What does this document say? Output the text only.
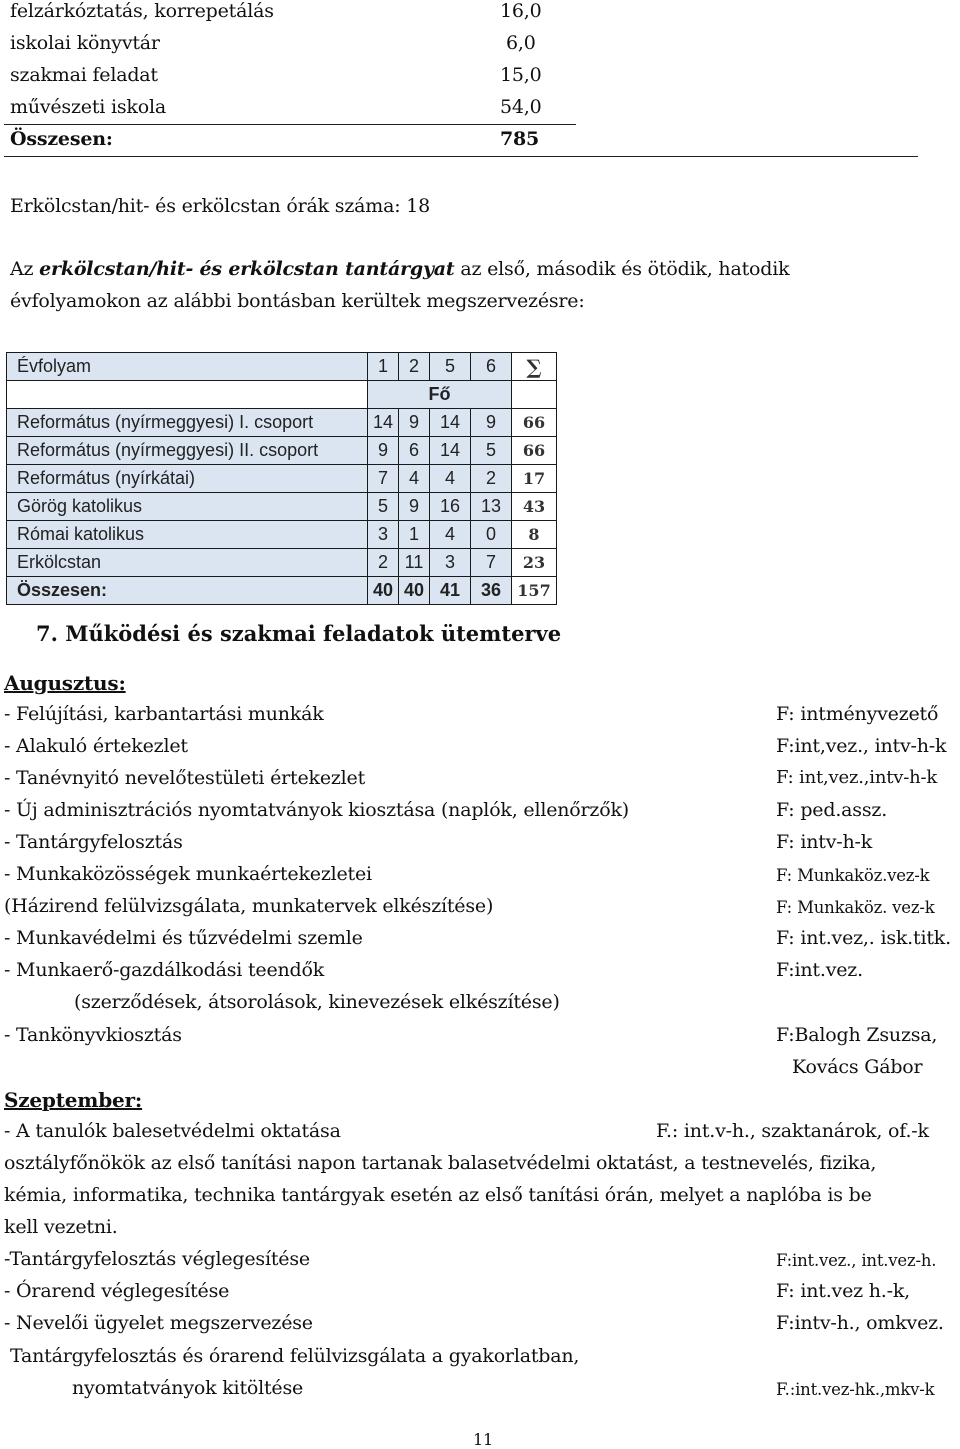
felzárkóztatás, korrepetálás	16,0
iskolai könyvtár	6,0
szakmai feladat	15,0
művészeti iskola	54,0
Összesen:	785
Erkölcstan/hit- és erkölcstan órák száma: 18
Az erkölcstan/hit- és erkölcstan tantárgyat az első, második és ötödik, hatodik
évfolyamokon az alábbi bontásban kerültek megszervezésre:
Évfolyam	1	2	5	6	∑
	Fő				
Református (nyírmeggyesi) I. csoport	14	9	14	9	66
Református (nyírmeggyesi) II. csoport	9	6	14	5	66
Református (nyírkátai)	7	4	4	2	17
Görög katolikus	5	9	16	13	43
Római katolikus	3	1	4	0	8
Erkölcstan	2	11	3	7	23
Összesen:	40	40	41	36	157
7. Működési és szakmai feladatok ütemterve
Augusztus:
- Felújítási, karbantartási munkák	F: intményvezető
- Alakuló értekezlet	F:int,vez., intv-h-k
- Tanévnyitó nevelőtestületi értekezlet	F: int,vez.,intv-h-k
- Új adminisztrációs nyomtatványok kiosztása (naplók, ellenőrzők)	F: ped.assz.
- Tantárgyfelosztás	F: intv-h-k
- Munkaközösségek munkaértekezletei	F: Munkaköz.vez-k
(Házirend felülvizsgálata, munkatervek elkészítése)	F: Munkaköz. vez-k
- Munkavédelmi és tűzvédelmi szemle	F: int.vez,. isk.titk.
- Munkaerő-gazdálkodási teendők	F:int.vez.
(szerződések, átsorolások, kinevezések elkészítése)
- Tankönyvkiosztás	F:Balogh Zsuzsa,
Kovács Gábor
Szeptember:
- A tanulók balesetvédelmi oktatása	F.: int.v-h., szaktanárok, of.-k
osztályfőnökök az első tanítási napon tartanak balasetvédelmi oktatást, a testnevelés, fizika,
kémia, informatika, technika tantárgyak esetén az első tanítási órán, melyet a naplóba is be
kell vezetni.
-Tantárgyfelosztás véglegesítése	F:int.vez., int.vez-h.
- Órarend véglegesítése	F: int.vez h.-k,
- Nevelői ügyelet megszervezése	F:intv-h., omkvez.
Tantárgyfelosztás és órarend felülvizsgálata a gyakorlatban,
nyomtatványok kitöltése	F.:int.vez-hk.,mkv-k
11
